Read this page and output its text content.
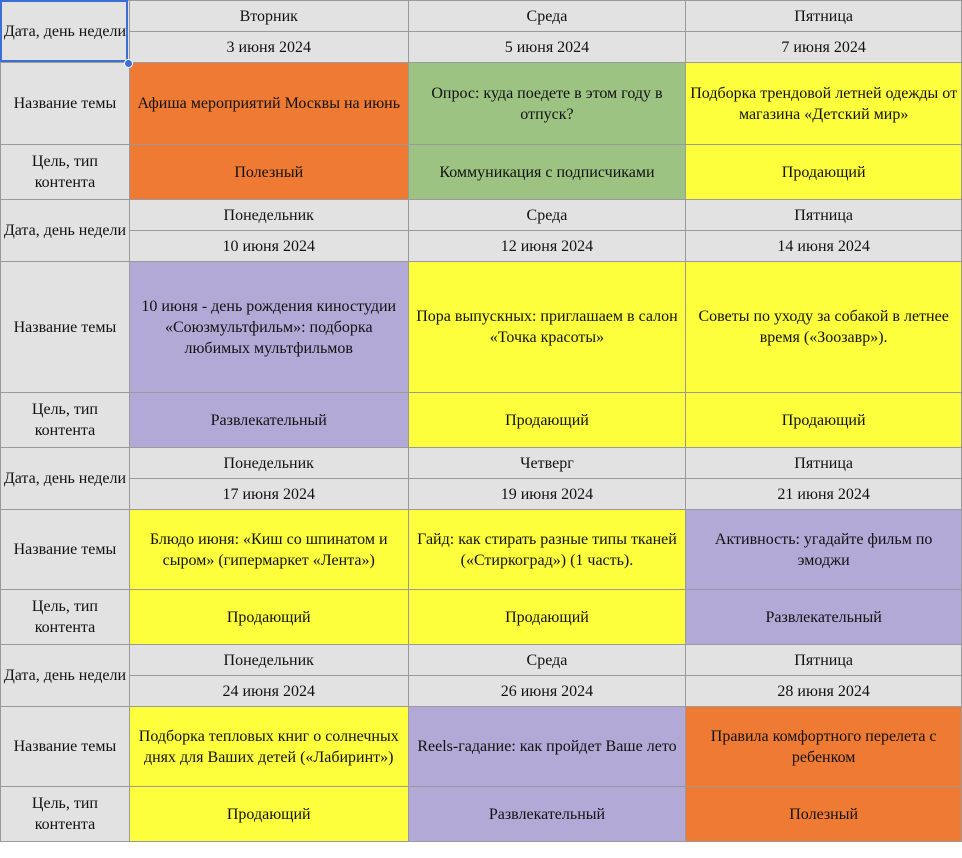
Дата, день недели	Вторник	Среда	Пятница
	3 июня 2024	5 июня 2024	7 июня 2024
Название темы	Афиша мероприятий Москвы на июнь	Опрос: куда поедете в этом году в отпуск?	Подборка трендовой летней одежды от магазина «Детский мир»
Цель, тип контента	Полезный	Коммуникация с подписчиками	Продающий
Дата, день недели	Понедельник	Среда	Пятница
	10 июня 2024	12 июня 2024	14 июня 2024
Название темы	10 июня - день рождения киностудии «Союзмультфильм»: подборка любимых мультфильмов	Пора выпускных: приглашаем в салон «Точка красоты»	Советы по уходу за собакой в летнее время («Зоозавр»).
Цель, тип контента	Развлекательный	Продающий	Продающий
Дата, день недели	Понедельник	Четверг	Пятница
	17 июня 2024	19 июня 2024	21 июня 2024
Название темы	Блюдо июня: «Киш со шпинатом и сыром» (гипермаркет «Лента»)	Гайд: как стирать разные типы тканей («Стиркоград») (1 часть).	Активность: угадайте фильм по эмоджи
Цель, тип контента	Продающий	Продающий	Развлекательный
Дата, день недели	Понедельник	Среда	Пятница
	24 июня 2024	26 июня 2024	28 июня 2024
Название темы	Подборка тепловых книг о солнечных днях для Ваших детей («Лабиринт»)	Reels-гадание: как пройдет Ваше лето	Правила комфортного перелета с ребенком
Цель, тип контента	Продающий	Развлекательный	Полезный
